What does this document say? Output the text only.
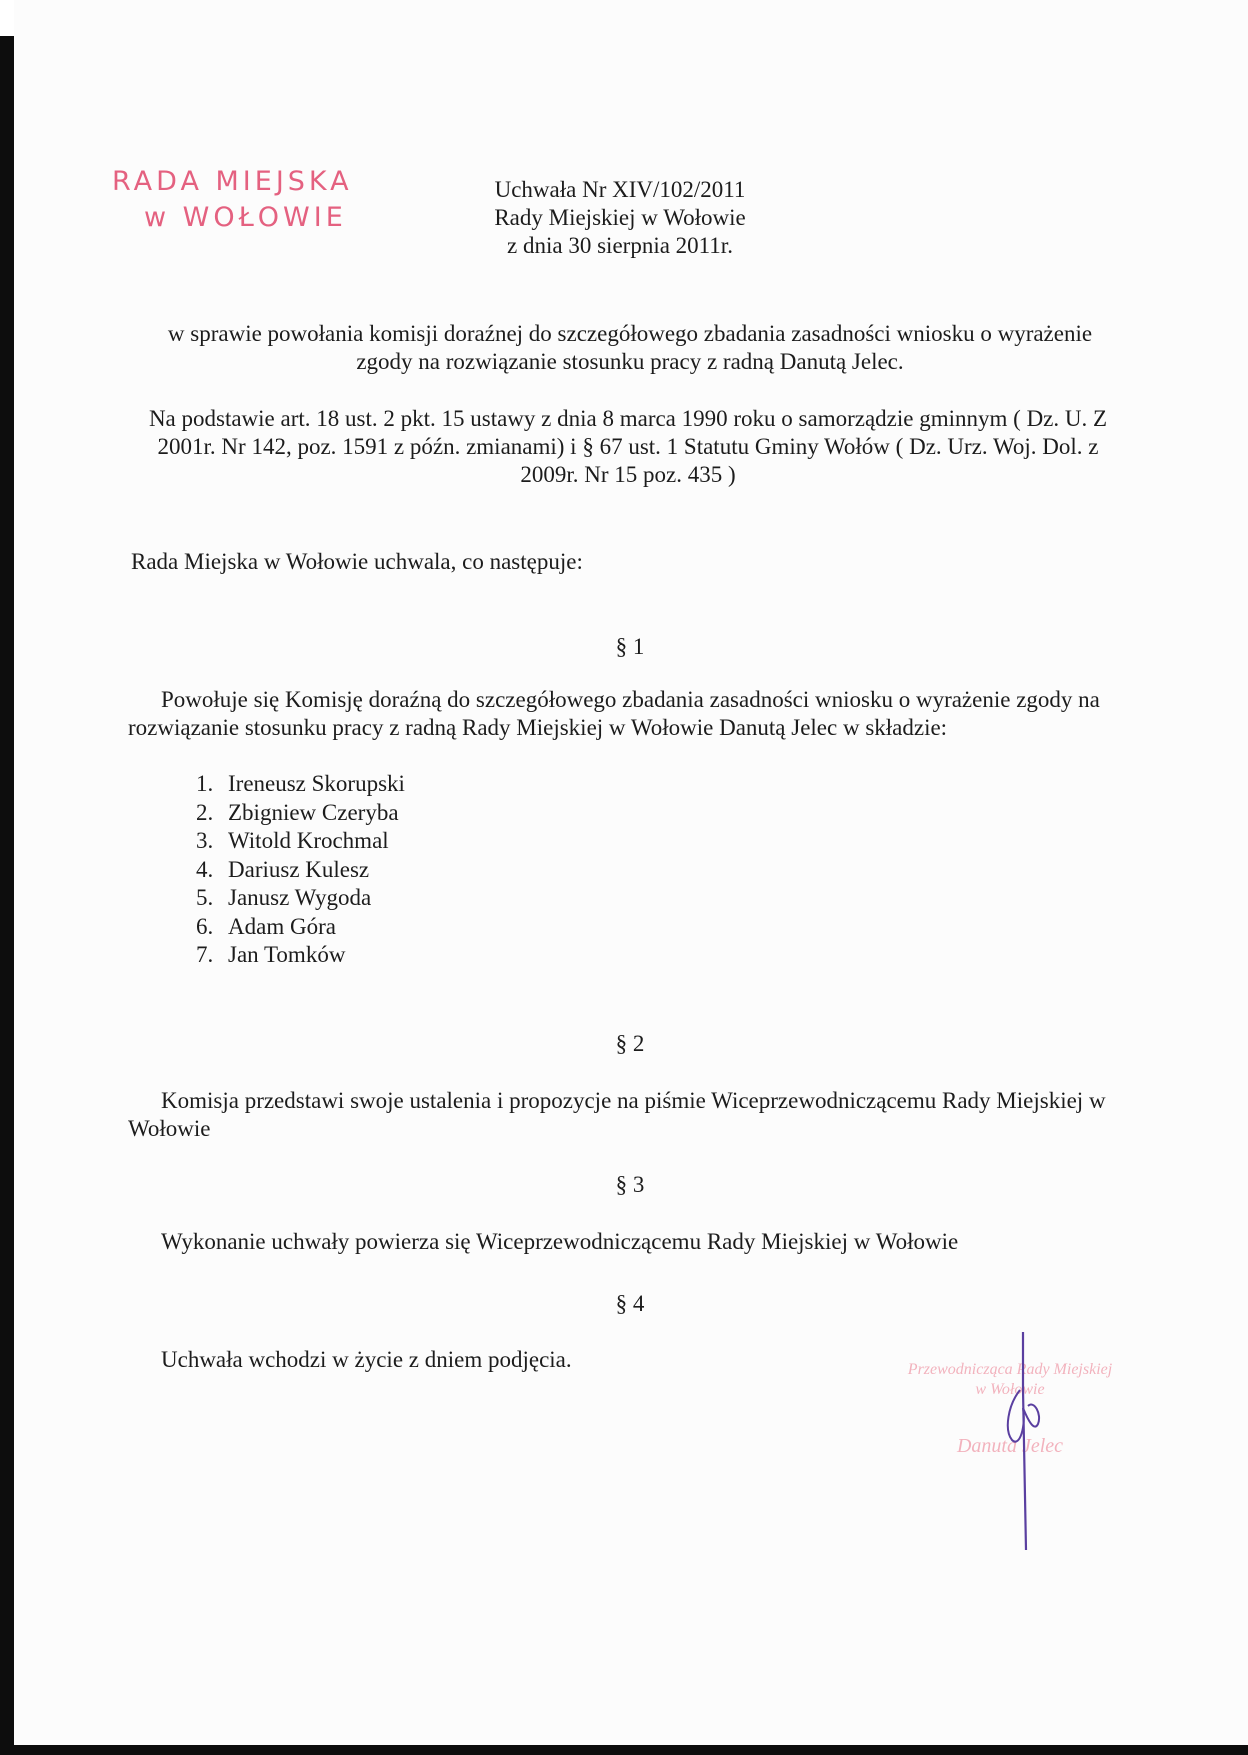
RADA MIEJSKA
w WOŁOWIE
Uchwała Nr XIV/102/2011
Rady Miejskiej w Wołowie
z dnia 30 sierpnia 2011r.
w sprawie powołania komisji doraźnej do szczegółowego zbadania zasadności wniosku o wyrażenie zgody na rozwiązanie stosunku pracy z radną Danutą Jelec.
Na podstawie art. 18 ust. 2 pkt. 15 ustawy z dnia 8 marca 1990 roku o samorządzie gminnym ( Dz. U. Z 2001r. Nr 142, poz. 1591 z późn. zmianami) i § 67 ust. 1 Statutu Gminy Wołów ( Dz. Urz. Woj. Dol. z 2009r. Nr 15 poz. 435 )
Rada Miejska w Wołowie uchwala, co następuje:
§ 1
Powołuje się Komisję doraźną do szczegółowego zbadania zasadności wniosku o wyrażenie zgody na rozwiązanie stosunku pracy z radną Rady Miejskiej w Wołowie Danutą Jelec w składzie:
1. Ireneusz Skorupski
2. Zbigniew Czeryba
3. Witold Krochmal
4. Dariusz Kulesz
5. Janusz Wygoda
6. Adam Góra
7. Jan Tomków
§ 2
Komisja przedstawi swoje ustalenia i propozycje na piśmie Wiceprzewodniczącemu Rady Miejskiej w Wołowie
§ 3
Wykonanie uchwały powierza się Wiceprzewodniczącemu Rady Miejskiej w Wołowie
§ 4
Uchwała wchodzi w życie z dniem podjęcia.	Przewodnicząca Rady Miejskiej
w Wołowie
Danuta Jelec
